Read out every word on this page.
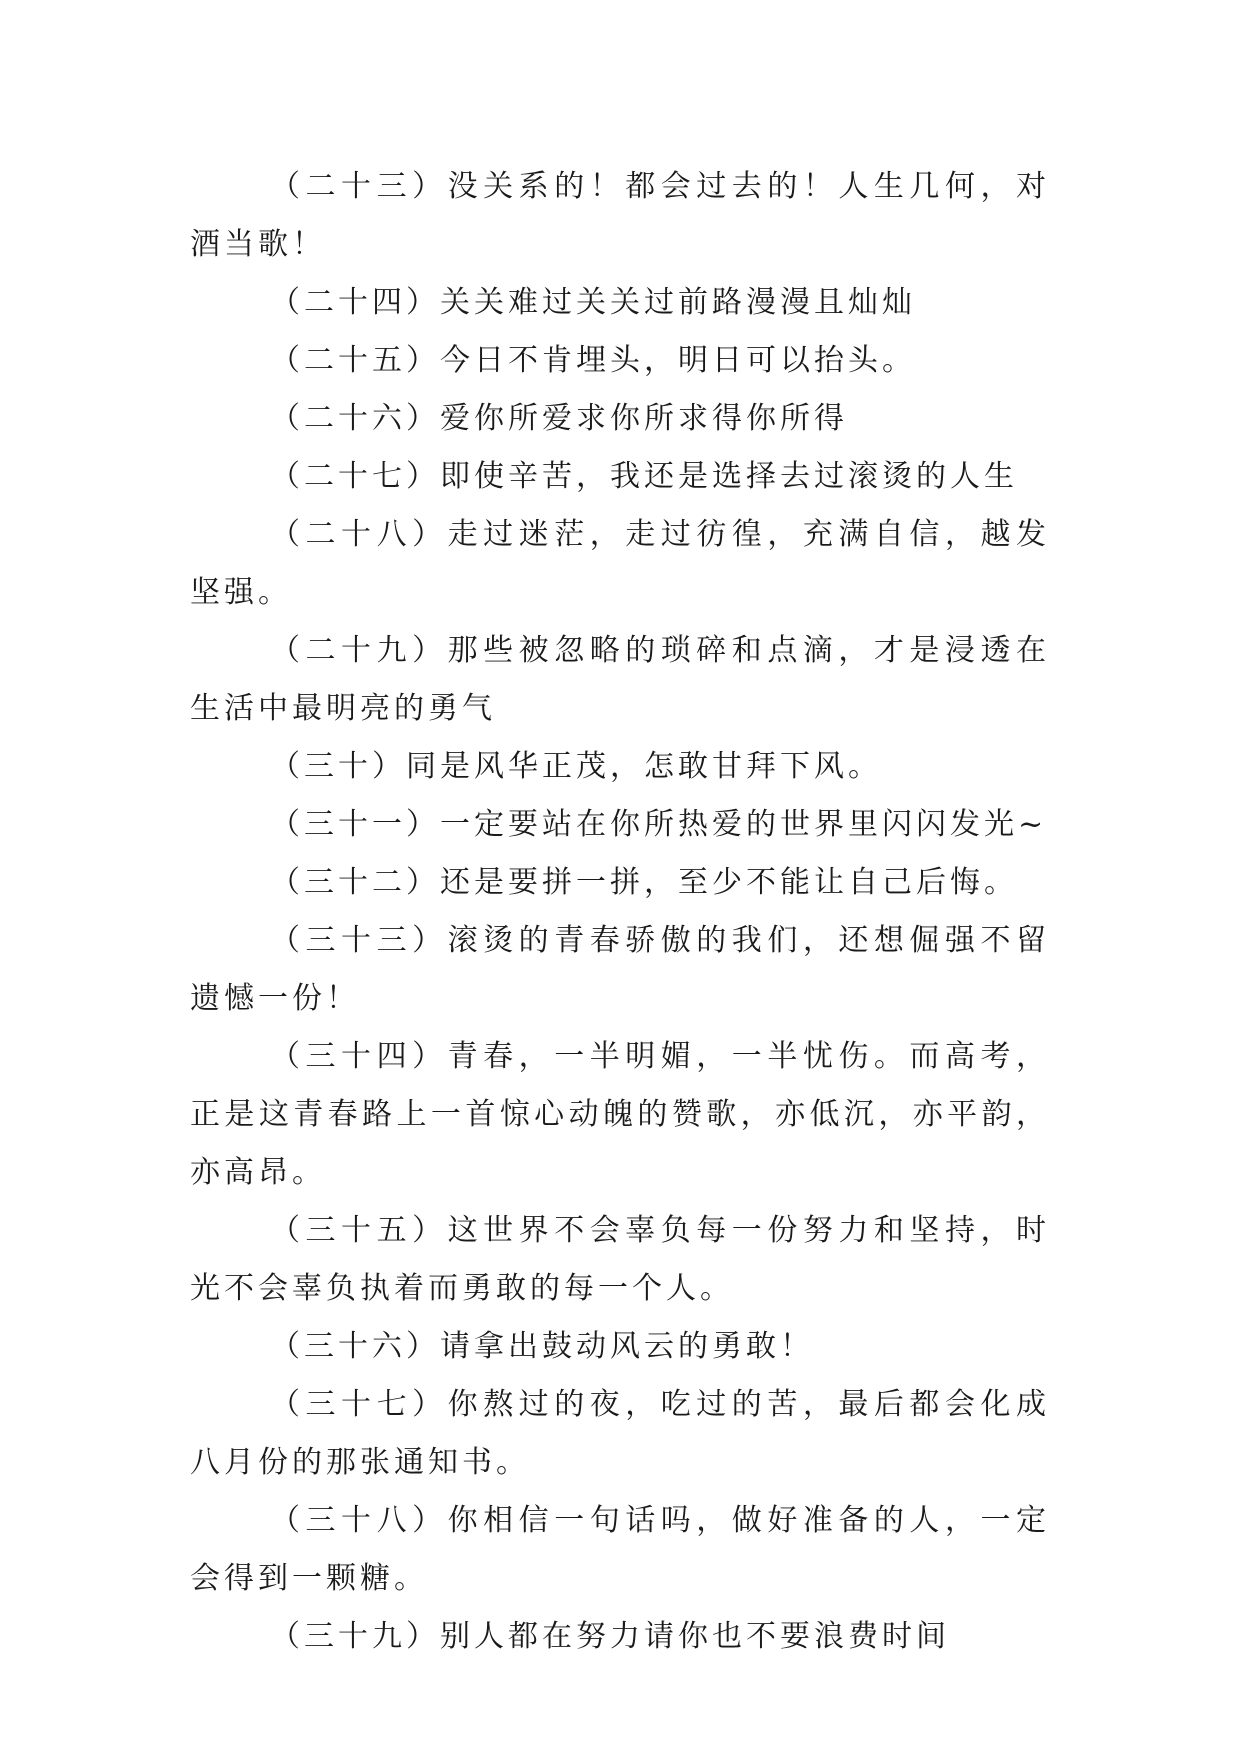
（二十三）没关系的！都会过去的！人生几何，对酒当歌！

（二十四）关关难过关关过前路漫漫且灿灿

（二十五）今日不肯埋头，明日可以抬头。

（二十六）爱你所爱求你所求得你所得

（二十七）即使辛苦，我还是选择去过滚烫的人生

（二十八）走过迷茫，走过彷徨，充满自信，越发坚强。

（二十九）那些被忽略的琐碎和点滴，才是浸透在生活中最明亮的勇气

（三十）同是风华正茂，怎敢甘拜下风。

（三十一）一定要站在你所热爱的世界里闪闪发光~

（三十二）还是要拼一拼，至少不能让自己后悔。

（三十三）滚烫的青春骄傲的我们，还想倔强不留遗憾一份！

（三十四）青春，一半明媚，一半忧伤。而高考，正是这青春路上一首惊心动魄的赞歌，亦低沉，亦平韵，亦高昂。

（三十五）这世界不会辜负每一份努力和坚持，时光不会辜负执着而勇敢的每一个人。

（三十六）请拿出鼓动风云的勇敢！

（三十七）你熬过的夜，吃过的苦，最后都会化成八月份的那张通知书。

（三十八）你相信一句话吗，做好准备的人，一定会得到一颗糖。

（三十九）别人都在努力请你也不要浪费时间
